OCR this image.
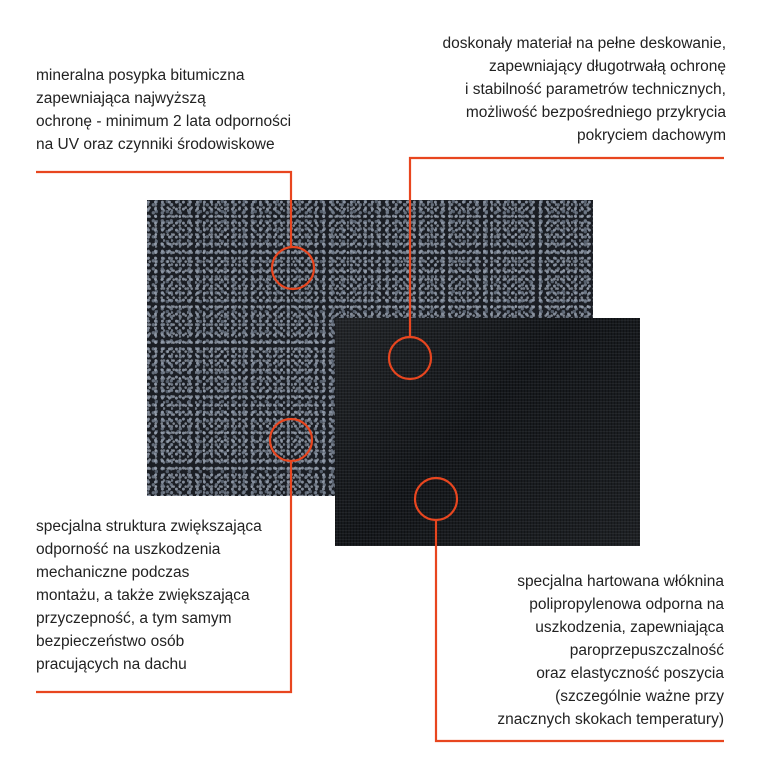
mineralna posypka bitumiczna
zapewniająca najwyższą
ochronę - minimum 2 lata odporności
na UV oraz czynniki środowiskowe
doskonały materiał na pełne deskowanie,
zapewniający długotrwałą ochronę
i stabilność parametrów technicznych,
możliwość bezpośredniego przykrycia
pokryciem dachowym
specjalna struktura zwiększająca
odporność na uszkodzenia
mechaniczne podczas
montażu, a także zwiększająca
przyczepność, a tym samym
bezpieczeństwo osób
pracujących na dachu
specjalna hartowana włóknina
polipropylenowa odporna na
uszkodzenia, zapewniająca
paroprzepuszczalność
oraz elastyczność poszycia
(szczególnie ważne przy
znacznych skokach temperatury)
